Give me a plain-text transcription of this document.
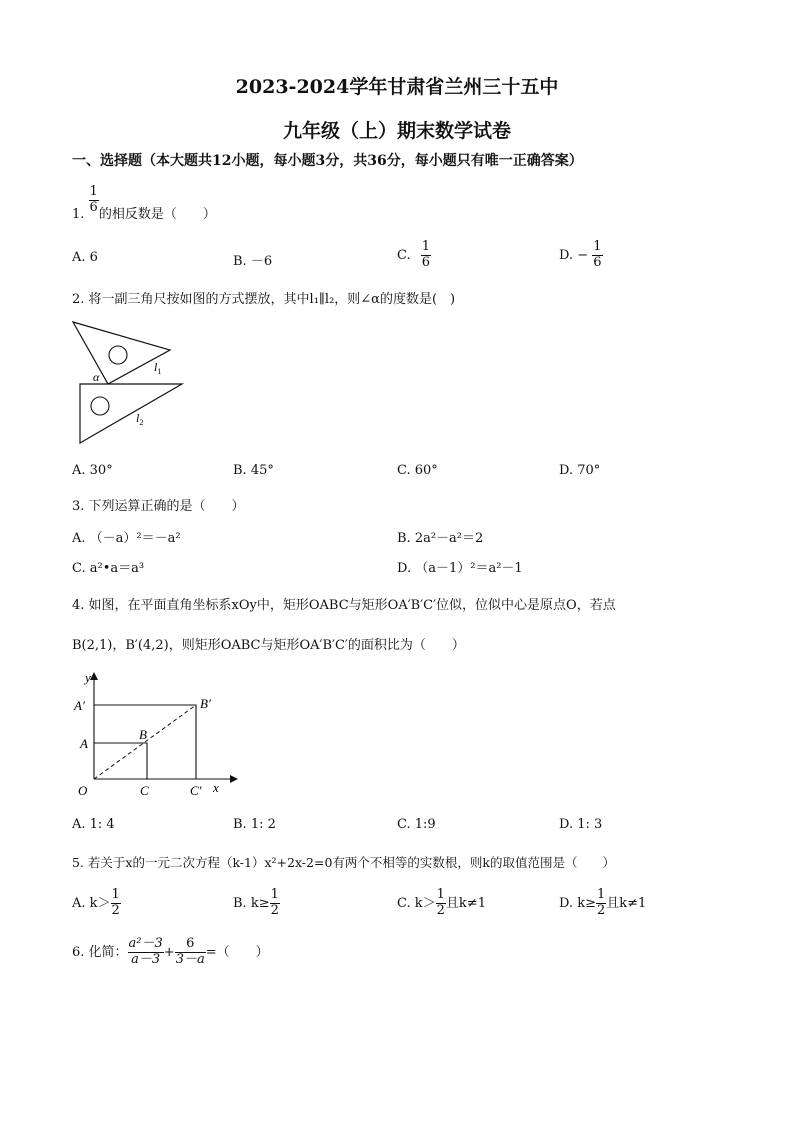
2023-2024学年甘肃省兰州三十五中
九年级（上）期末数学试卷
一、选择题（本大题共12小题，每小题3分，共36分，每小题只有唯一正确答案）
1. $\frac{1}{6}$ 的相反数是（　　）
A. 6	B. －6	C. $\frac{1}{6}$	D. − $\frac{1}{6}$
2. 将一副三角尺按如图的方式摆放，其中l₁∥l₂，则∠α的度数是(　)
$l_1$
$l_2$
α
A. 30°	B. 45°	C. 60°	D. 70°
3. 下列运算正确的是（　　）
A. （－a）²＝－a²	B. 2a²－a²＝2
C. a²•a＝a³	D. （a－1）²＝a²－1
4. 如图，在平面直角坐标系xOy中，矩形OABC与矩形OA′B′C′位似，位似中心是原点O，若点
B(2,1)，B′(4,2)，则矩形OABC与矩形OA′B′C′的面积比为（　　）
y
x
O
A
A′
B
B′
C	C′
A. 1: 4	B. 1: 2	C. 1:9	D. 1: 3
5. 若关于x的一元二次方程（k-1）x²+2x-2=0有两个不相等的实数根，则k的取值范围是（　　）
A. $k> \frac{1}{2}$	B. $k\ge \frac{1}{2}$	C. $k> \frac{1}{2}$ 且k≠1	D. $k\ge \frac{1}{2}$ 且k≠1
6. 化简： $\frac{\text{a²－3}}{a-3} + \frac{6}{3-a}$ =（　　）
